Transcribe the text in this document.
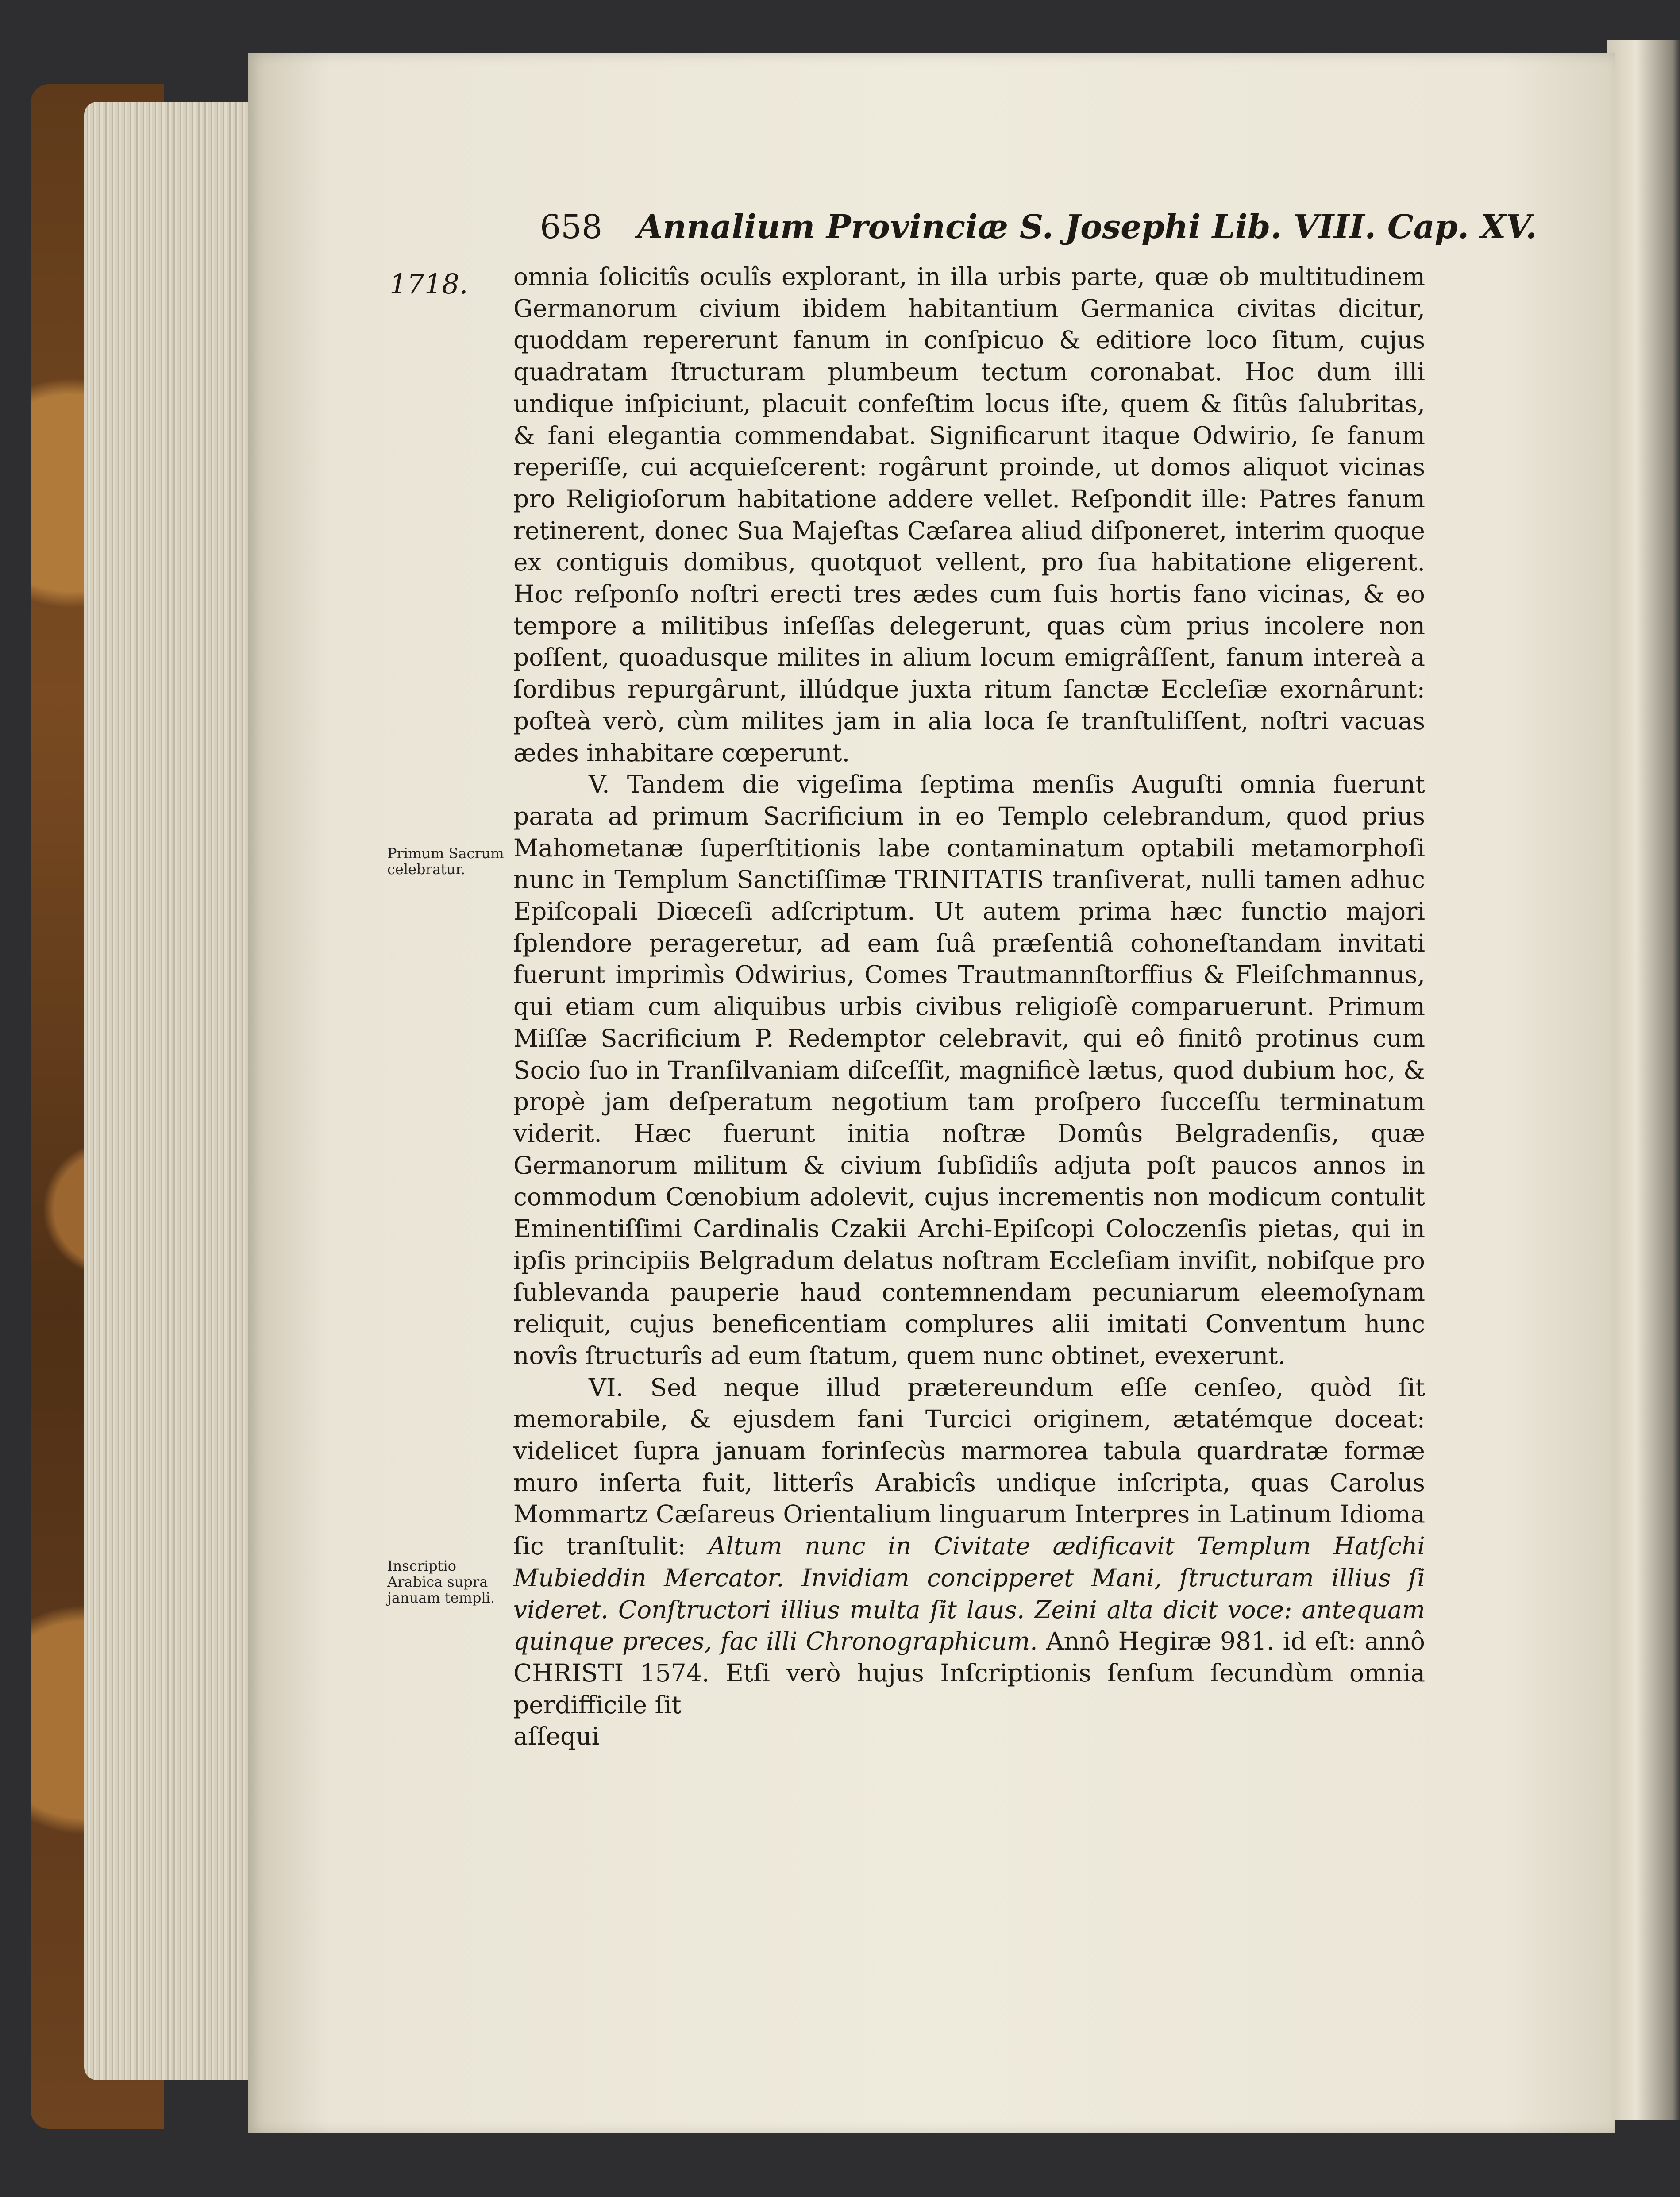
658 Annalium Provinciæ S. Josephi Lib. VIII. Cap. XV.
1718.
Primum Sacrum celebratur.
Inscriptio Arabica supra januam templi.

omnia ſolicitîs oculîs explorant, in illa urbis parte, quæ ob multitudinem Germanorum civium ibidem habitantium Germanica civitas dicitur, quoddam repererunt fanum in conſpicuo & editiore loco ſitum, cujus quadratam ſtructuram plumbeum tectum coronabat. Hoc dum illi undique inſpiciunt, placuit confeſtim locus iſte, quem & ſitûs ſalubritas, & fani elegantia commendabat. Significarunt itaque Odwirio, ſe fanum reperiſſe, cui acquieſcerent: rogârunt proinde, ut domos aliquot vicinas pro Religioſorum habitatione addere vellet. Reſpondit ille: Patres fanum retinerent, donec Sua Majeſtas Cæſarea aliud diſponeret, interim quoque ex contiguis domibus, quotquot vellent, pro ſua habitatione eligerent. Hoc reſponſo noſtri erecti tres ædes cum ſuis hortis fano vicinas, & eo tempore a militibus inſeſſas delegerunt, quas cùm prius incolere non poſſent, quoadusque milites in alium locum emigrâſſent, fanum intereà a ſordibus repurgârunt, illúdque juxta ritum ſanctæ Eccleſiæ exornârunt: poſteà verò, cùm milites jam in alia loca ſe tranſtuliſſent, noſtri vacuas ædes inhabitare cœperunt.

V. Tandem die vigeſima ſeptima menſis Auguſti omnia fuerunt parata ad primum Sacrificium in eo Templo celebrandum, quod prius Mahometanæ ſuperſtitionis labe contaminatum optabili metamorphoſi nunc in Templum Sanctiſſimæ TRINITATIS tranſiverat, nulli tamen adhuc Epiſcopali Diœceſi adſcriptum. Ut autem prima hæc functio majori ſplendore perageretur, ad eam ſuâ præſentiâ cohoneſtandam invitati fuerunt imprimìs Odwirius, Comes Trautmannſtorffius & Fleiſchmannus, qui etiam cum aliquibus urbis civibus religioſè comparuerunt. Primum Miſſæ Sacrificium P. Redemptor celebravit, qui eô finitô protinus cum Socio ſuo in Tranſilvaniam diſceſſit, magnificè lætus, quod dubium hoc, & propè jam deſperatum negotium tam proſpero ſucceſſu terminatum viderit. Hæc fuerunt initia noſtræ Domûs Belgradenſis, quæ Germanorum militum & civium ſubſidiîs adjuta poſt paucos annos in commodum Cœnobium adolevit, cujus incrementis non modicum contulit Eminentiſſimi Cardinalis Czakii Archi-Epiſcopi Coloczenſis pietas, qui in ipſis principiis Belgradum delatus noſtram Eccleſiam inviſit, nobiſque pro ſublevanda pauperie haud contemnendam pecuniarum eleemoſynam reliquit, cujus beneficentiam complures alii imitati Conventum hunc novîs ſtructurîs ad eum ſtatum, quem nunc obtinet, evexerunt.

VI. Sed neque illud prætereundum eſſe cenſeo, quòd ſit memorabile, & ejusdem fani Turcici originem, ætatémque doceat: videlicet ſupra januam forinſecùs marmorea tabula quardratæ formæ muro inſerta fuit, litterîs Arabicîs undique inſcripta, quas Carolus Mommartz Cæſareus Orientalium linguarum Interpres in Latinum Idioma ſic tranſtulit: Altum nunc in Civitate ædificavit Templum Hatſchi Mubieddin Mercator. Invidiam concipperet Mani, ſtructuram illius ſi videret. Conſtructori illius multa ſit laus. Zeini alta dicit voce: antequam quinque preces, fac illi Chronographicum. Annô Hegiræ 981. id eſt: annô CHRISTI 1574. Etſi verò hujus Inſcriptionis ſenſum ſecundùm omnia perdifficile ſit

aſſequi
